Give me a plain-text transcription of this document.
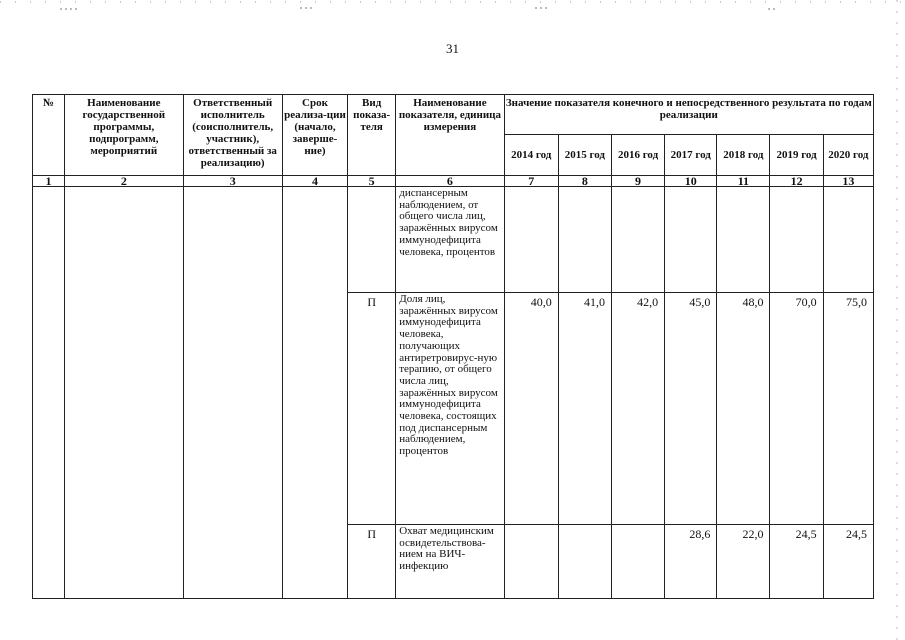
31
№	Наименование государственной программы, подпрограмм, мероприятий	Ответственный исполнитель (соисполнитель, участник), ответственный за реализацию)	Срок реализа-ции (начало, заверше-ние)	Вид показа-теля	Наименование показателя, единица измерения	Значение показателя конечного и непосредственного результата по годам реализации						
						2014 год	2015 год	2016 год	2017 год	2018 год	2019 год	2020 год
1	2	3	4	5	6	7	8	9	10	11	12	13
					диспансерным наблюдением, от общего числа лиц, заражённых вирусом иммунодефицита человека, процентов							
				П	Доля лиц, заражённых вирусом иммунодефицита человека, получающих антиретровирус-ную терапию, от общего числа лиц, заражённых вирусом иммунодефицита человека, состоящих под диспансерным наблюдением, процентов	40,0	41,0	42,0	45,0	48,0	70,0	75,0
				П	Охват медицинским освидетельствова-нием на ВИЧ-инфекцию				28,6	22,0	24,5	24,5
